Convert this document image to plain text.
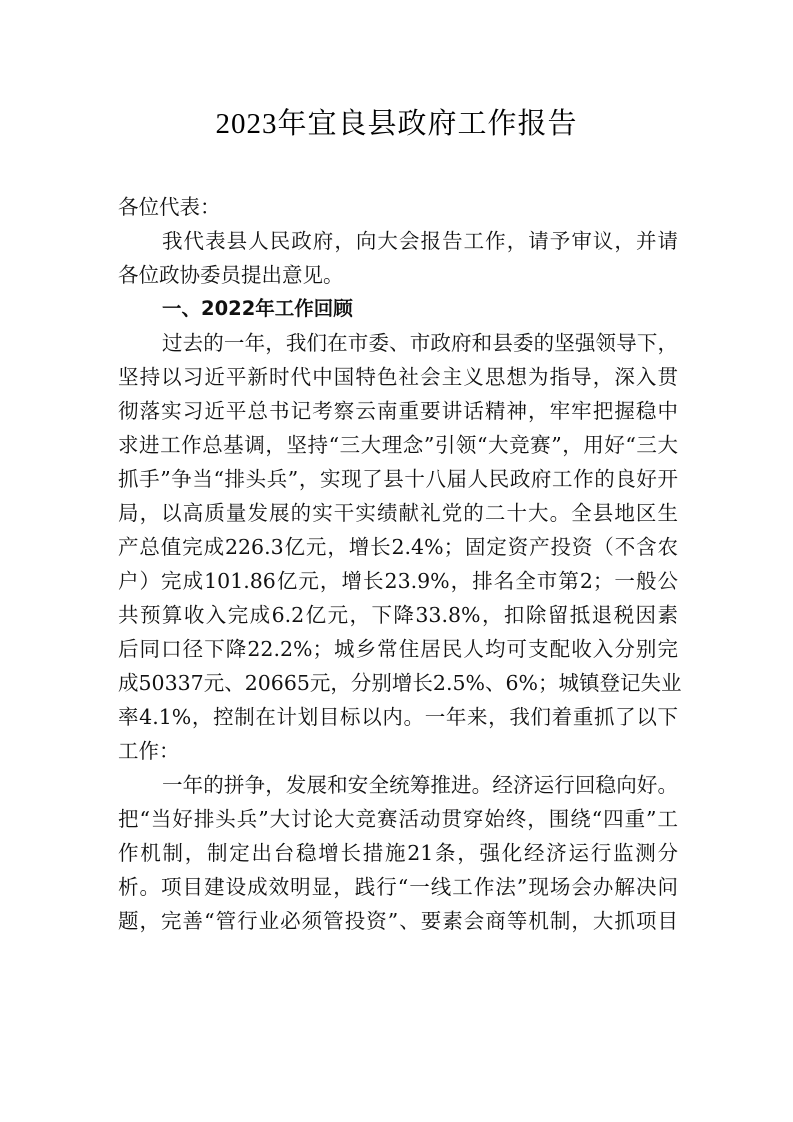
2023年宜良县政府工作报告
各位代表：
我代表县人民政府，向大会报告工作，请予审议，并请
各位政协委员提出意见。
一、2022年工作回顾
过去的一年，我们在市委、市政府和县委的坚强领导下，
坚持以习近平新时代中国特色社会主义思想为指导，深入贯
彻落实习近平总书记考察云南重要讲话精神，牢牢把握稳中
求进工作总基调，坚持“三大理念”引领“大竞赛”，用好“三大
抓手”争当“排头兵”，实现了县十八届人民政府工作的良好开
局，以高质量发展的实干实绩献礼党的二十大。全县地区生
产总值完成226.3亿元，增长2.4%；固定资产投资（不含农
户）完成101.86亿元，增长23.9%，排名全市第2；一般公
共预算收入完成6.2亿元，下降33.8%，扣除留抵退税因素
后同口径下降22.2%；城乡常住居民人均可支配收入分别完
成50337元、20665元，分别增长2.5%、6%；城镇登记失业
率4.1%，控制在计划目标以内。一年来，我们着重抓了以下
工作：
一年的拼争，发展和安全统筹推进。经济运行回稳向好。
把“当好排头兵”大讨论大竞赛活动贯穿始终，围绕“四重”工
作机制，制定出台稳增长措施21条，强化经济运行监测分
析。项目建设成效明显，践行“一线工作法”现场会办解决问
题，完善“管行业必须管投资”、要素会商等机制，大抓项目
